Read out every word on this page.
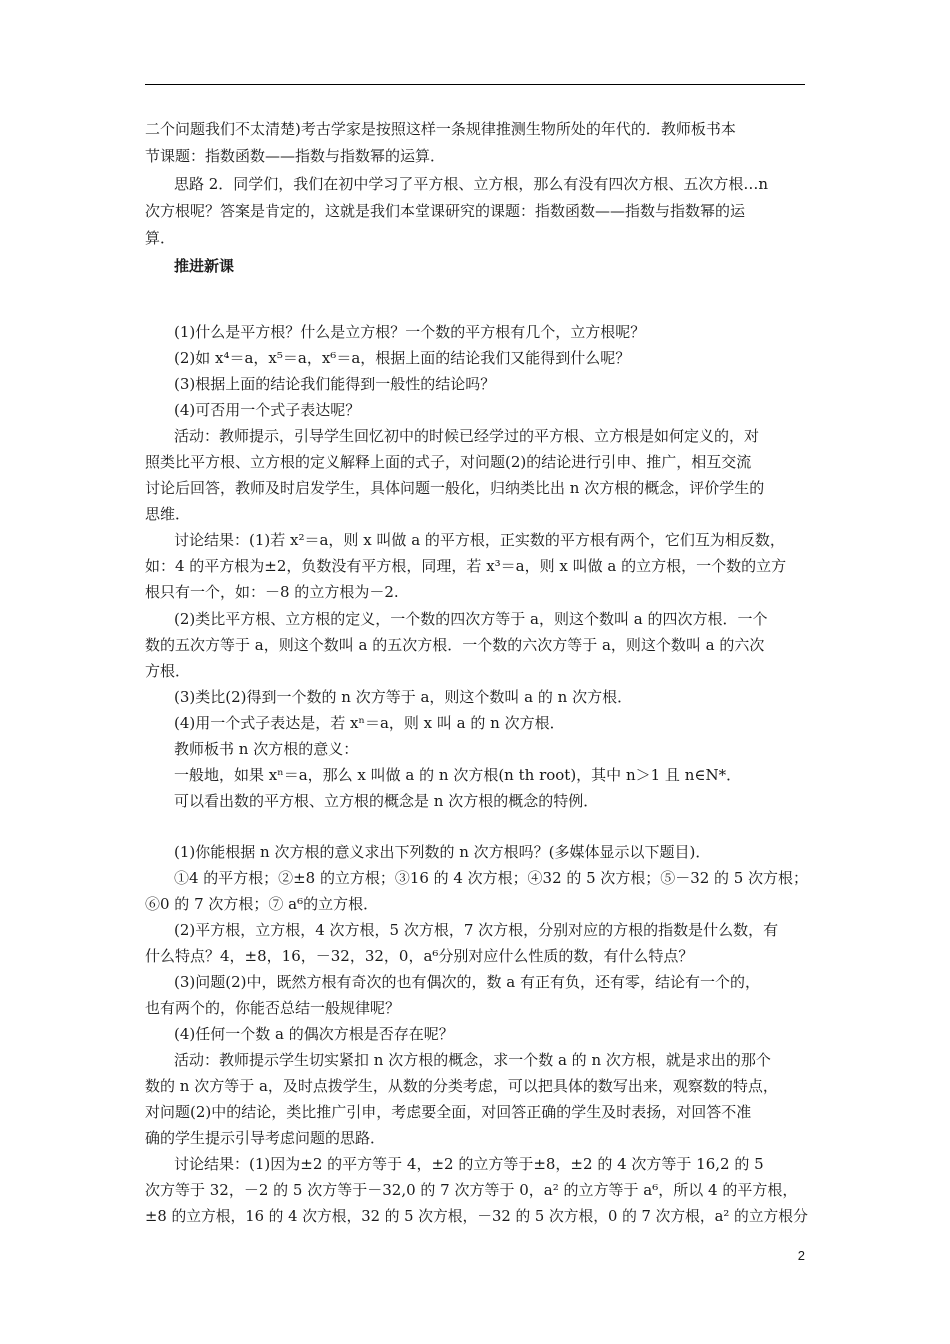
二个问题我们不太清楚)考古学家是按照这样一条规律推测生物所处的年代的．教师板书本
节课题：指数函数——指数与指数幂的运算．
思路 2．同学们，我们在初中学习了平方根、立方根，那么有没有四次方根、五次方根…n
次方根呢？答案是肯定的，这就是我们本堂课研究的课题：指数函数——指数与指数幂的运
算．
推进新课
(1)什么是平方根？什么是立方根？一个数的平方根有几个，立方根呢？
(2)如 x⁴＝a，x⁵＝a，x⁶＝a，根据上面的结论我们又能得到什么呢？
(3)根据上面的结论我们能得到一般性的结论吗？
(4)可否用一个式子表达呢？
活动：教师提示，引导学生回忆初中的时候已经学过的平方根、立方根是如何定义的，对
照类比平方根、立方根的定义解释上面的式子，对问题(2)的结论进行引申、推广，相互交流
讨论后回答，教师及时启发学生，具体问题一般化，归纳类比出 n 次方根的概念，评价学生的
思维．
讨论结果：(1)若 x²＝a，则 x 叫做 a 的平方根，正实数的平方根有两个，它们互为相反数，
如：4 的平方根为±2，负数没有平方根，同理，若 x³＝a，则 x 叫做 a 的立方根，一个数的立方
根只有一个，如：－8 的立方根为－2.
(2)类比平方根、立方根的定义，一个数的四次方等于 a，则这个数叫 a 的四次方根．一个
数的五次方等于 a，则这个数叫 a 的五次方根．一个数的六次方等于 a，则这个数叫 a 的六次
方根．
(3)类比(2)得到一个数的 n 次方等于 a，则这个数叫 a 的 n 次方根．
(4)用一个式子表达是，若 xⁿ＝a，则 x 叫 a 的 n 次方根．
教师板书 n 次方根的意义：
一般地，如果 xⁿ＝a，那么 x 叫做 a 的 n 次方根(n th root)，其中 n＞1 且 n∈N*．
可以看出数的平方根、立方根的概念是 n 次方根的概念的特例．
(1)你能根据 n 次方根的意义求出下列数的 n 次方根吗？(多媒体显示以下题目)．
①4 的平方根；②±8 的立方根；③16 的 4 次方根；④32 的 5 次方根；⑤－32 的 5 次方根；
⑥0 的 7 次方根；⑦ a⁶的立方根．
(2)平方根，立方根，4 次方根，5 次方根，7 次方根，分别对应的方根的指数是什么数，有
什么特点？4，±8，16，－32，32，0，a⁶分别对应什么性质的数，有什么特点？
(3)问题(2)中，既然方根有奇次的也有偶次的，数 a 有正有负，还有零，结论有一个的，
也有两个的，你能否总结一般规律呢？
(4)任何一个数 a 的偶次方根是否存在呢？
活动：教师提示学生切实紧扣 n 次方根的概念，求一个数 a 的 n 次方根，就是求出的那个
数的 n 次方等于 a，及时点拨学生，从数的分类考虑，可以把具体的数写出来，观察数的特点，
对问题(2)中的结论，类比推广引申，考虑要全面，对回答正确的学生及时表扬，对回答不准
确的学生提示引导考虑问题的思路．
讨论结果：(1)因为±2 的平方等于 4，±2 的立方等于±8，±2 的 4 次方等于 16,2 的 5
次方等于 32，－2 的 5 次方等于－32,0 的 7 次方等于 0，a² 的立方等于 a⁶，所以 4 的平方根，
±8 的立方根，16 的 4 次方根，32 的 5 次方根，－32 的 5 次方根，0 的 7 次方根，a² 的立方根分
2
